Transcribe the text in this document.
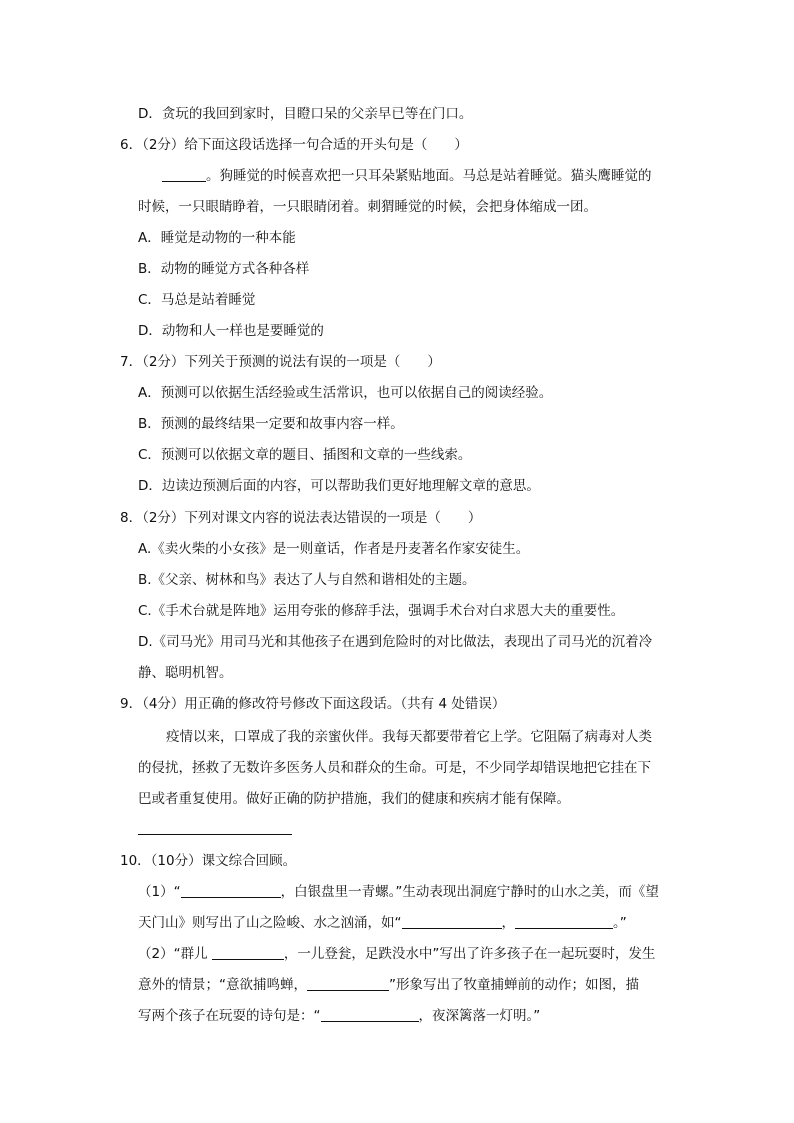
D．贪玩的我回到家时，目瞪口呆的父亲早已等在门口。
6．（2分）给下面这段话选择一句合适的开头句是（　　）
。狗睡觉的时候喜欢把一只耳朵紧贴地面。马总是站着睡觉。猫头鹰睡觉的
时候，一只眼睛睁着，一只眼睛闭着。刺猬睡觉的时候，会把身体缩成一团。
A．睡觉是动物的一种本能
B．动物的睡觉方式各种各样
C．马总是站着睡觉
D．动物和人一样也是要睡觉的
7．（2分）下列关于预测的说法有误的一项是（　　）
A．预测可以依据生活经验或生活常识，也可以依据自己的阅读经验。
B．预测的最终结果一定要和故事内容一样。
C．预测可以依据文章的题目、插图和文章的一些线索。
D．边读边预测后面的内容，可以帮助我们更好地理解文章的意思。
8．（2分）下列对课文内容的说法表达错误的一项是（　　）
A.《卖火柴的小女孩》是一则童话，作者是丹麦著名作家安徒生。
B.《父亲、树林和鸟》表达了人与自然和谐相处的主题。
C.《手术台就是阵地》运用夸张的修辞手法，强调手术台对白求恩大夫的重要性。
D.《司马光》用司马光和其他孩子在遇到危险时的对比做法，表现出了司马光的沉着冷
静、聪明机智。
9．（4分）用正确的修改符号修改下面这段话。（共有 4 处错误）
疫情以来，口罩成了我的亲蜜伙伴。我每天都要带着它上学。它阻隔了病毒对人类
的侵扰，拯救了无数许多医务人员和群众的生命。可是，不少同学却错误地把它挂在下
巴或者重复使用。做好正确的防护措施，我们的健康和疾病才能有保障。
10．（10分）课文综合回顾。
（1）“	，白银盘里一青螺。”生动表现出洞庭宁静时的山水之美，而《望
天门山》则写出了山之险峻、水之汹涌，如“	，	。”
（2）“群儿	，一儿登瓮，足跌没水中”写出了许多孩子在一起玩耍时，发生
意外的情景；“意欲捕鸣蝉，	”形象写出了牧童捕蝉前的动作；如图，描
写两个孩子在玩耍的诗句是：“	，夜深篱落一灯明。”
